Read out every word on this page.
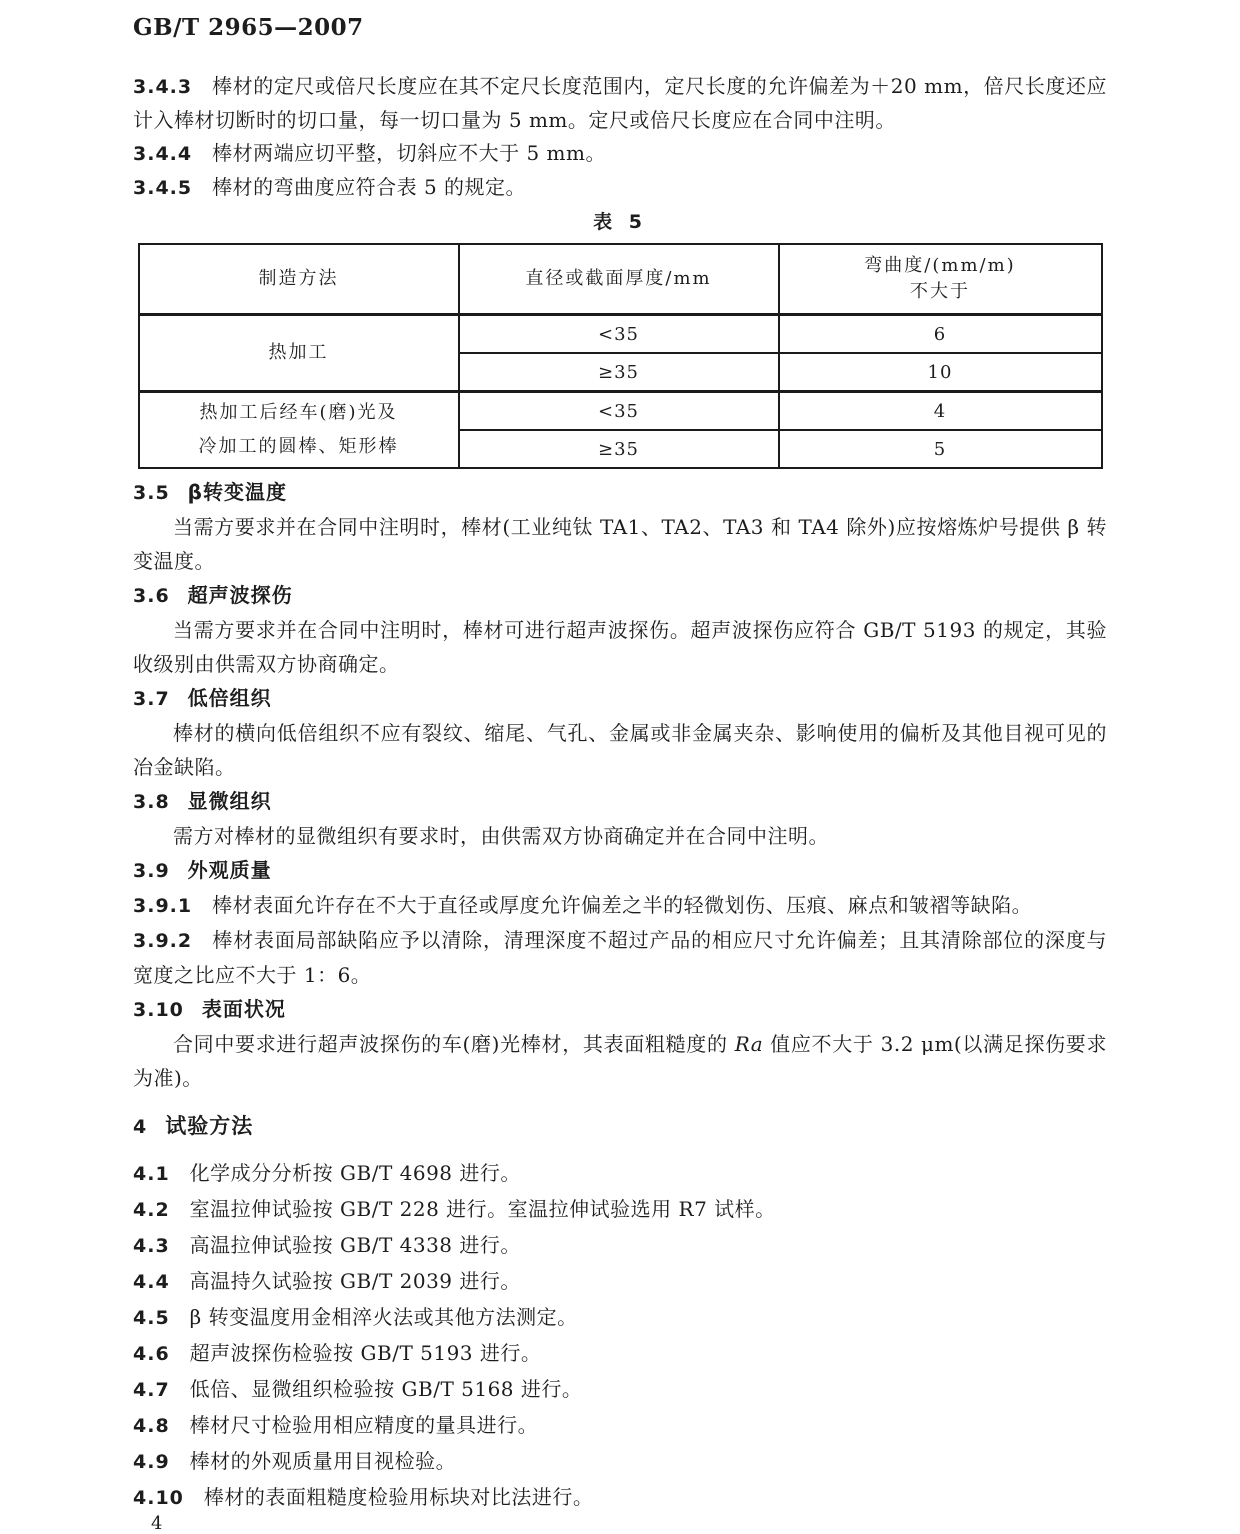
GB/T 2965—2007

3.4.3 棒材的定尺或倍尺长度应在其不定尺长度范围内，定尺长度的允许偏差为＋20 mm，倍尺长度还应计入棒材切断时的切口量，每一切口量为 5 mm。定尺或倍尺长度应在合同中注明。

3.4.4 棒材两端应切平整，切斜应不大于 5 mm。

3.4.5 棒材的弯曲度应符合表 5 的规定。

表 5
制造方法	直径或截面厚度/mm	弯曲度/(mm/m)
不大于

热加工	<35	6
	≥35	10

热加工后经车(磨)光及
冷加工的圆棒、矩形棒	<35	4
	≥35	5
3.5 β转变温度

当需方要求并在合同中注明时，棒材(工业纯钛 TA1、TA2、TA3 和 TA4 除外)应按熔炼炉号提供 β 转变温度。

3.6 超声波探伤

当需方要求并在合同中注明时，棒材可进行超声波探伤。超声波探伤应符合 GB/T 5193 的规定，其验收级别由供需双方协商确定。

3.7 低倍组织

棒材的横向低倍组织不应有裂纹、缩尾、气孔、金属或非金属夹杂、影响使用的偏析及其他目视可见的冶金缺陷。

3.8 显微组织

需方对棒材的显微组织有要求时，由供需双方协商确定并在合同中注明。

3.9 外观质量

3.9.1 棒材表面允许存在不大于直径或厚度允许偏差之半的轻微划伤、压痕、麻点和皱褶等缺陷。

3.9.2 棒材表面局部缺陷应予以清除，清理深度不超过产品的相应尺寸允许偏差；且其清除部位的深度与宽度之比应不大于 1：6。

3.10 表面状况

合同中要求进行超声波探伤的车(磨)光棒材，其表面粗糙度的 Ra 值应不大于 3.2 μm(以满足探伤要求为准)。

4 试验方法

4.1 化学成分分析按 GB/T 4698 进行。

4.2 室温拉伸试验按 GB/T 228 进行。室温拉伸试验选用 R7 试样。

4.3 高温拉伸试验按 GB/T 4338 进行。

4.4 高温持久试验按 GB/T 2039 进行。

4.5 β 转变温度用金相淬火法或其他方法测定。

4.6 超声波探伤检验按 GB/T 5193 进行。

4.7 低倍、显微组织检验按 GB/T 5168 进行。

4.8 棒材尺寸检验用相应精度的量具进行。

4.9 棒材的外观质量用目视检验。

4.10 棒材的表面粗糙度检验用标块对比法进行。

4
